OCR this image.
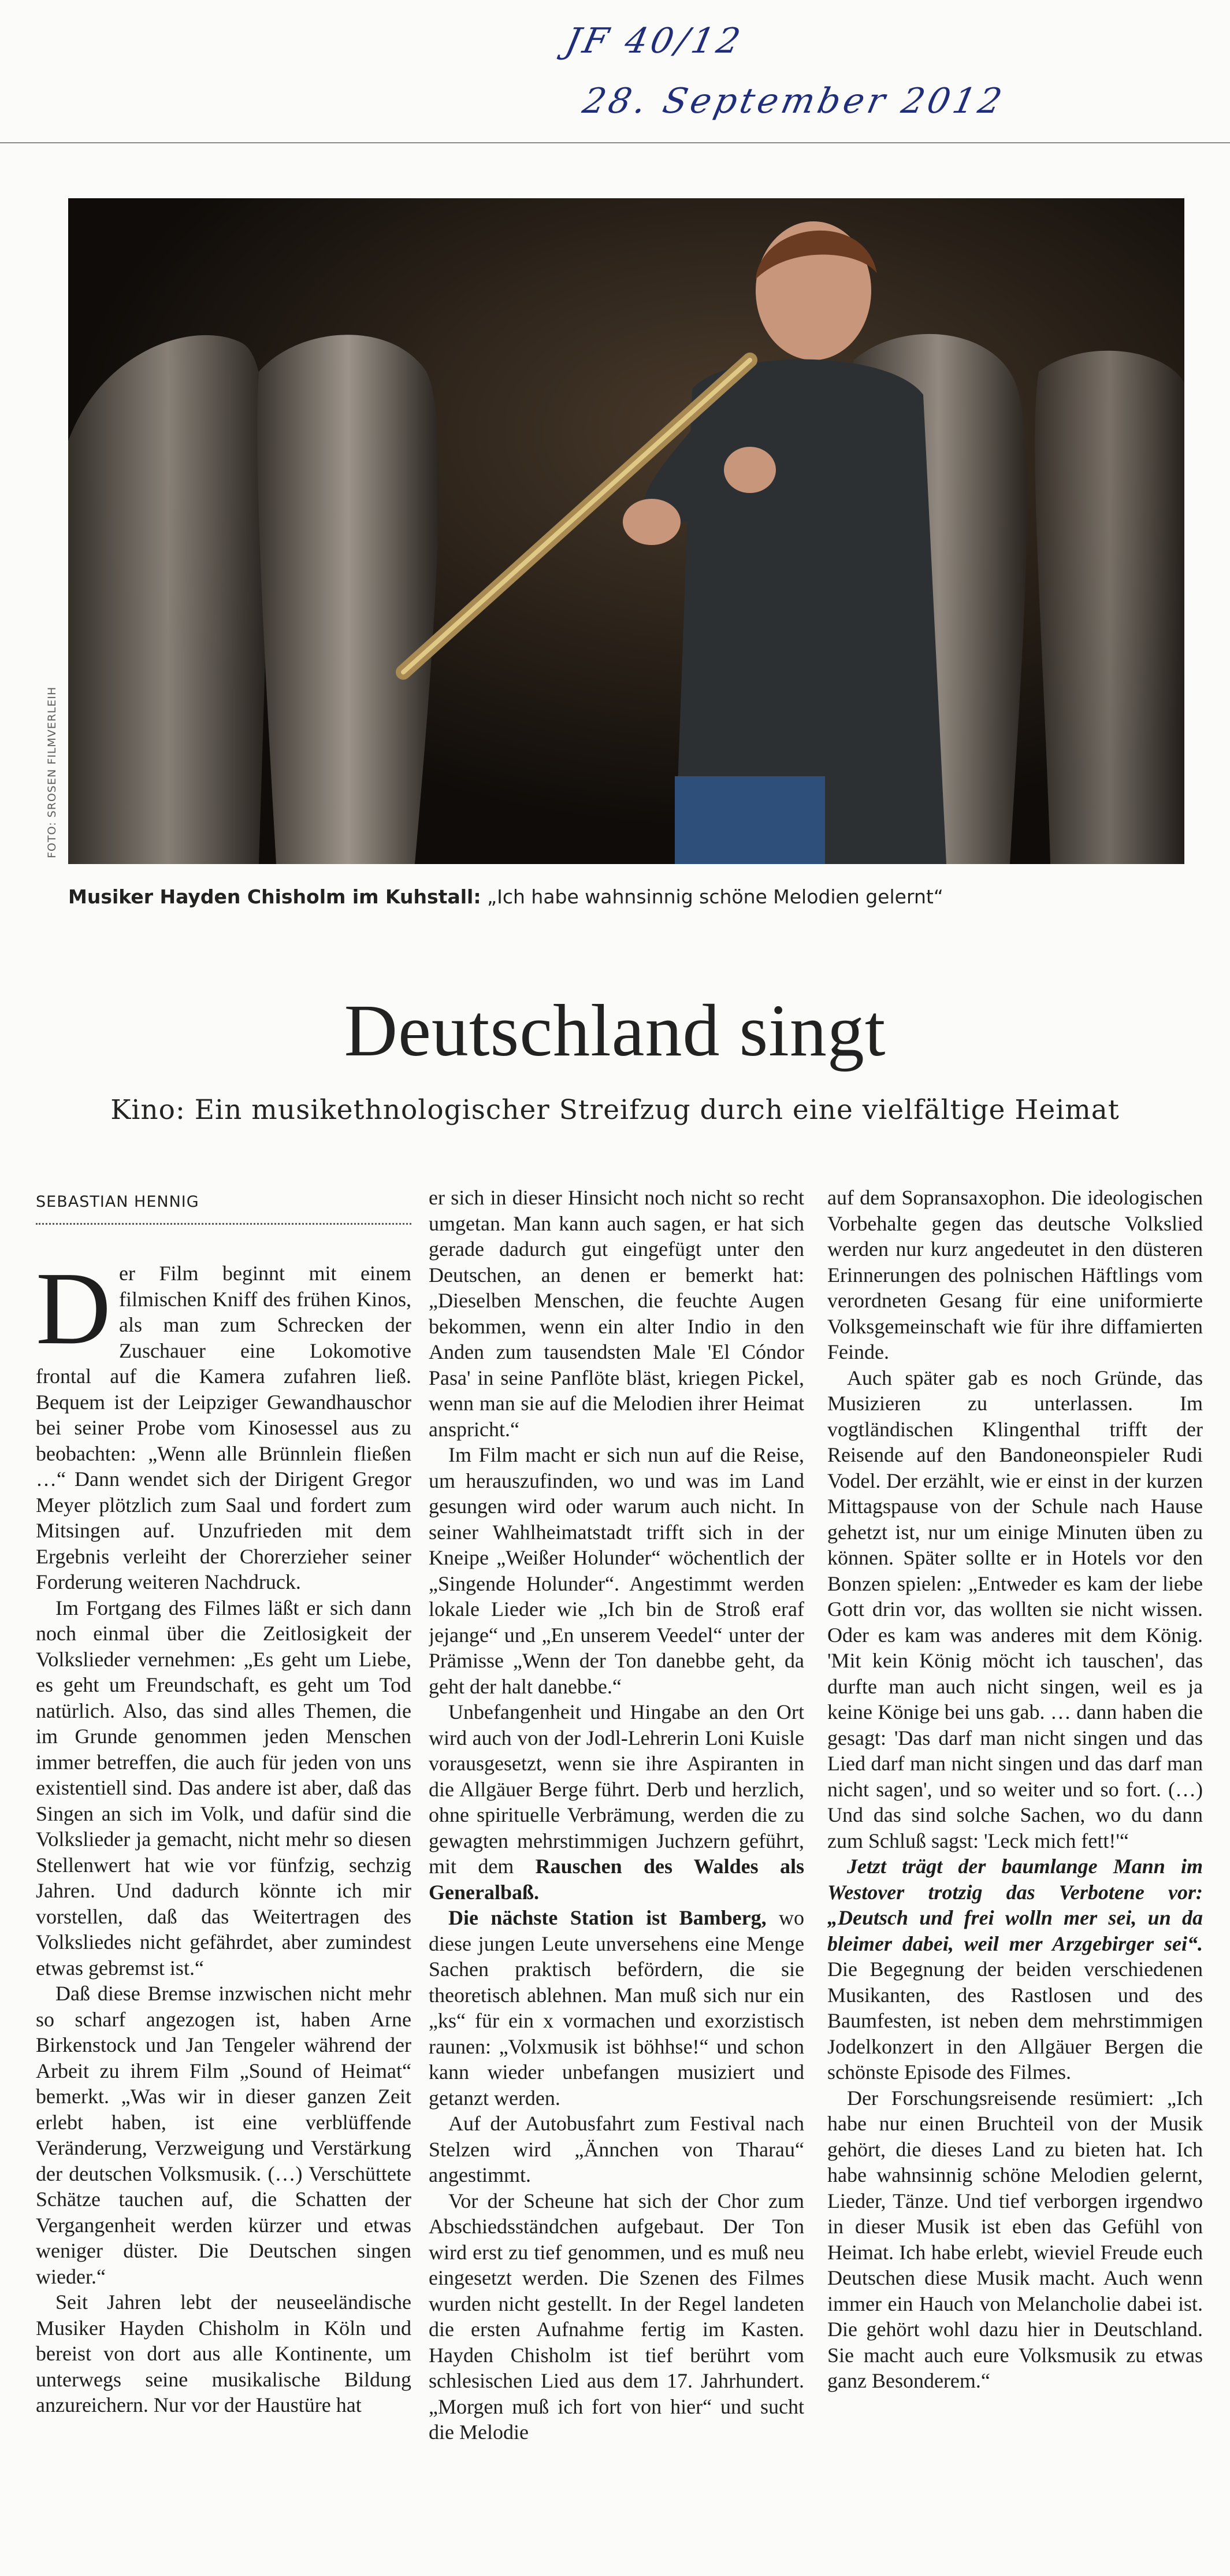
JF 40/12
28. September 2012
FOTO: SROSEN FILMVERLEIH
Musiker Hayden Chisholm im Kuhstall: „Ich habe wahnsinnig schöne Melodien gelernt“
Deutschland singt
Kino: Ein musikethnologischer Streifzug durch eine vielfältige Heimat
SEBASTIAN HENNIG

Der Film beginnt mit einem filmischen Kniff des frühen Kinos, als man zum Schrecken der Zuschauer eine Lokomotive frontal auf die Kamera zufahren ließ. Bequem ist der Leipziger Gewandhauschor bei seiner Probe vom Kinosessel aus zu beobachten: „Wenn alle Brünnlein fließen …“ Dann wendet sich der Dirigent Gregor Meyer plötzlich zum Saal und fordert zum Mitsingen auf. Unzufrieden mit dem Ergebnis verleiht der Chorerzieher seiner Forderung weiteren Nachdruck.

Im Fortgang des Filmes läßt er sich dann noch einmal über die Zeitlosigkeit der Volkslieder vernehmen: „Es geht um Liebe, es geht um Freundschaft, es geht um Tod natürlich. Also, das sind alles Themen, die im Grunde genommen jeden Menschen immer betreffen, die auch für jeden von uns existentiell sind. Das andere ist aber, daß das Singen an sich im Volk, und dafür sind die Volkslieder ja gemacht, nicht mehr so diesen Stellenwert hat wie vor fünfzig, sechzig Jahren. Und dadurch könnte ich mir vorstellen, daß das Weitertragen des Volksliedes nicht gefährdet, aber zumindest etwas gebremst ist.“

Daß diese Bremse inzwischen nicht mehr so scharf angezogen ist, haben Arne Birkenstock und Jan Tengeler während der Arbeit zu ihrem Film „Sound of Heimat“ bemerkt. „Was wir in dieser ganzen Zeit erlebt haben, ist eine verblüffende Veränderung, Verzweigung und Verstärkung der deutschen Volksmusik. (…) Verschüttete Schätze tauchen auf, die Schatten der Vergangenheit werden kürzer und etwas weniger düster. Die Deutschen singen wieder.“

Seit Jahren lebt der neuseeländische Musiker Hayden Chisholm in Köln und bereist von dort aus alle Kontinente, um unterwegs seine musikalische Bildung anzureichern. Nur vor der Haustüre hat

er sich in dieser Hinsicht noch nicht so recht umgetan. Man kann auch sagen, er hat sich gerade dadurch gut eingefügt unter den Deutschen, an denen er bemerkt hat: „Dieselben Menschen, die feuchte Augen bekommen, wenn ein alter Indio in den Anden zum tausendsten Male 'El Cóndor Pasa' in seine Panflöte bläst, kriegen Pickel, wenn man sie auf die Melodien ihrer Heimat anspricht.“

Im Film macht er sich nun auf die Reise, um herauszufinden, wo und was im Land gesungen wird oder warum auch nicht. In seiner Wahlheimatstadt trifft sich in der Kneipe „Weißer Holunder“ wöchentlich der „Singende Holunder“. Angestimmt werden lokale Lieder wie „Ich bin de Stroß eraf jejange“ und „En unserem Veedel“ unter der Prämisse „Wenn der Ton danebbe geht, da geht der halt danebbe.“

Unbefangenheit und Hingabe an den Ort wird auch von der Jodl-Lehrerin Loni Kuisle vorausgesetzt, wenn sie ihre Aspiranten in die Allgäuer Berge führt. Derb und herzlich, ohne spirituelle Verbrämung, werden die zu gewagten mehrstimmigen Juchzern geführt, mit dem Rauschen des Waldes als Generalbaß.

Die nächste Station ist Bamberg, wo diese jungen Leute unversehens eine Menge Sachen praktisch befördern, die sie theoretisch ablehnen. Man muß sich nur ein „ks“ für ein x vormachen und exorzistisch raunen: „Volxmusik ist böhhse!“ und schon kann wieder unbefangen musiziert und getanzt werden.

Auf der Autobusfahrt zum Festival nach Stelzen wird „Ännchen von Tharau“ angestimmt.

Vor der Scheune hat sich der Chor zum Abschiedsständchen aufgebaut. Der Ton wird erst zu tief genommen, und es muß neu eingesetzt werden. Die Szenen des Filmes wurden nicht gestellt. In der Regel landeten die ersten Aufnahme fertig im Kasten. Hayden Chisholm ist tief berührt vom schlesischen Lied aus dem 17. Jahrhundert. „Morgen muß ich fort von hier“ und sucht die Melodie

auf dem Sopransaxophon. Die ideologischen Vorbehalte gegen das deutsche Volkslied werden nur kurz angedeutet in den düsteren Erinnerungen des polnischen Häftlings vom verordneten Gesang für eine uniformierte Volksgemeinschaft wie für ihre diffamierten Feinde.

Auch später gab es noch Gründe, das Musizieren zu unterlassen. Im vogtländischen Klingenthal trifft der Reisende auf den Bandoneonspieler Rudi Vodel. Der erzählt, wie er einst in der kurzen Mittagspause von der Schule nach Hause gehetzt ist, nur um einige Minuten üben zu können. Später sollte er in Hotels vor den Bonzen spielen: „Entweder es kam der liebe Gott drin vor, das wollten sie nicht wissen. Oder es kam was anderes mit dem König. 'Mit kein König möcht ich tauschen', das durfte man auch nicht singen, weil es ja keine Könige bei uns gab. … dann haben die gesagt: 'Das darf man nicht singen und das Lied darf man nicht singen und das darf man nicht sagen', und so weiter und so fort. (…) Und das sind solche Sachen, wo du dann zum Schluß sagst: 'Leck mich fett!'“

Jetzt trägt der baumlange Mann im Westover trotzig das Verbotene vor: „Deutsch und frei wolln mer sei, un da bleimer dabei, weil mer Arzgebirger sei“. Die Begegnung der beiden verschiedenen Musikanten, des Rastlosen und des Baumfesten, ist neben dem mehrstimmigen Jodelkonzert in den Allgäuer Bergen die schönste Episode des Filmes.

Der Forschungsreisende resümiert: „Ich habe nur einen Bruchteil von der Musik gehört, die dieses Land zu bieten hat. Ich habe wahnsinnig schöne Melodien gelernt, Lieder, Tänze. Und tief verborgen irgendwo in dieser Musik ist eben das Gefühl von Heimat. Ich habe erlebt, wieviel Freude euch Deutschen diese Musik macht. Auch wenn immer ein Hauch von Melancholie dabei ist. Die gehört wohl dazu hier in Deutschland. Sie macht auch eure Volksmusik zu etwas ganz Besonderem.“
